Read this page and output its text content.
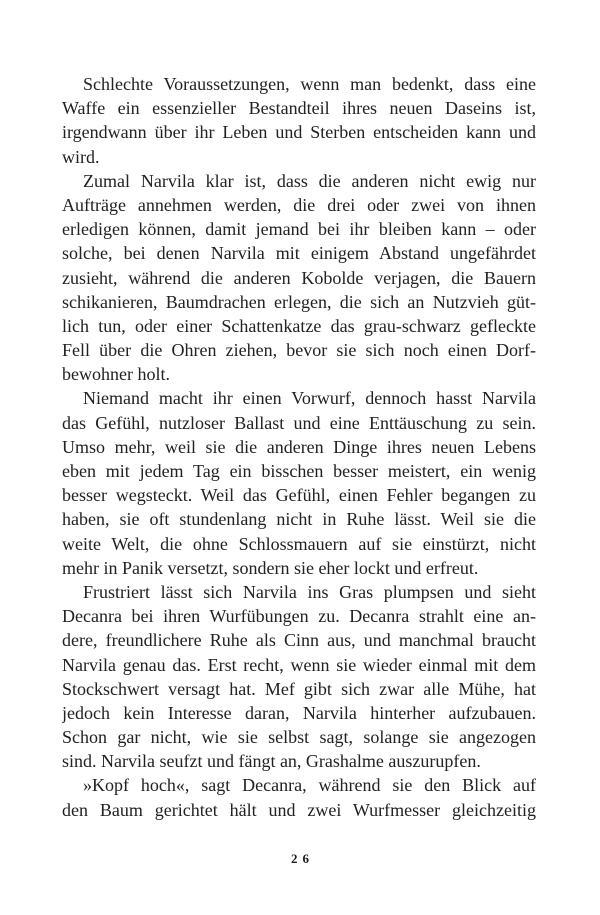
Schlechte Voraussetzungen, wenn man bedenkt, dass eine
Waffe ein essenzieller Bestandteil ihres neuen Daseins ist,
irgendwann über ihr Leben und Sterben entscheiden kann und
wird.
Zumal Narvila klar ist, dass die anderen nicht ewig nur
Aufträge annehmen werden, die drei oder zwei von ihnen
erledigen können, damit jemand bei ihr bleiben kann – oder
solche, bei denen Narvila mit einigem Abstand ungefährdet
zusieht, während die anderen Kobolde verjagen, die Bauern
schikanieren, Baumdrachen erlegen, die sich an Nutzvieh güt-
lich tun, oder einer Schattenkatze das grau-schwarz gefleckte
Fell über die Ohren ziehen, bevor sie sich noch einen Dorf-
bewohner holt.
Niemand macht ihr einen Vorwurf, dennoch hasst Narvila
das Gefühl, nutzloser Ballast und eine Enttäuschung zu sein.
Umso mehr, weil sie die anderen Dinge ihres neuen Lebens
eben mit jedem Tag ein bisschen besser meistert, ein wenig
besser wegsteckt. Weil das Gefühl, einen Fehler begangen zu
haben, sie oft stundenlang nicht in Ruhe lässt. Weil sie die
weite Welt, die ohne Schlossmauern auf sie einstürzt, nicht
mehr in Panik versetzt, sondern sie eher lockt und erfreut.
Frustriert lässt sich Narvila ins Gras plumpsen und sieht
Decanra bei ihren Wurfübungen zu. Decanra strahlt eine an-
dere, freundlichere Ruhe als Cinn aus, und manchmal braucht
Narvila genau das. Erst recht, wenn sie wieder einmal mit dem
Stockschwert versagt hat. Mef gibt sich zwar alle Mühe, hat
jedoch kein Interesse daran, Narvila hinterher aufzubauen.
Schon gar nicht, wie sie selbst sagt, solange sie angezogen
sind. Narvila seufzt und fängt an, Grashalme auszurupfen.
»Kopf hoch«, sagt Decanra, während sie den Blick auf
den Baum gerichtet hält und zwei Wurfmesser gleichzeitig
26
